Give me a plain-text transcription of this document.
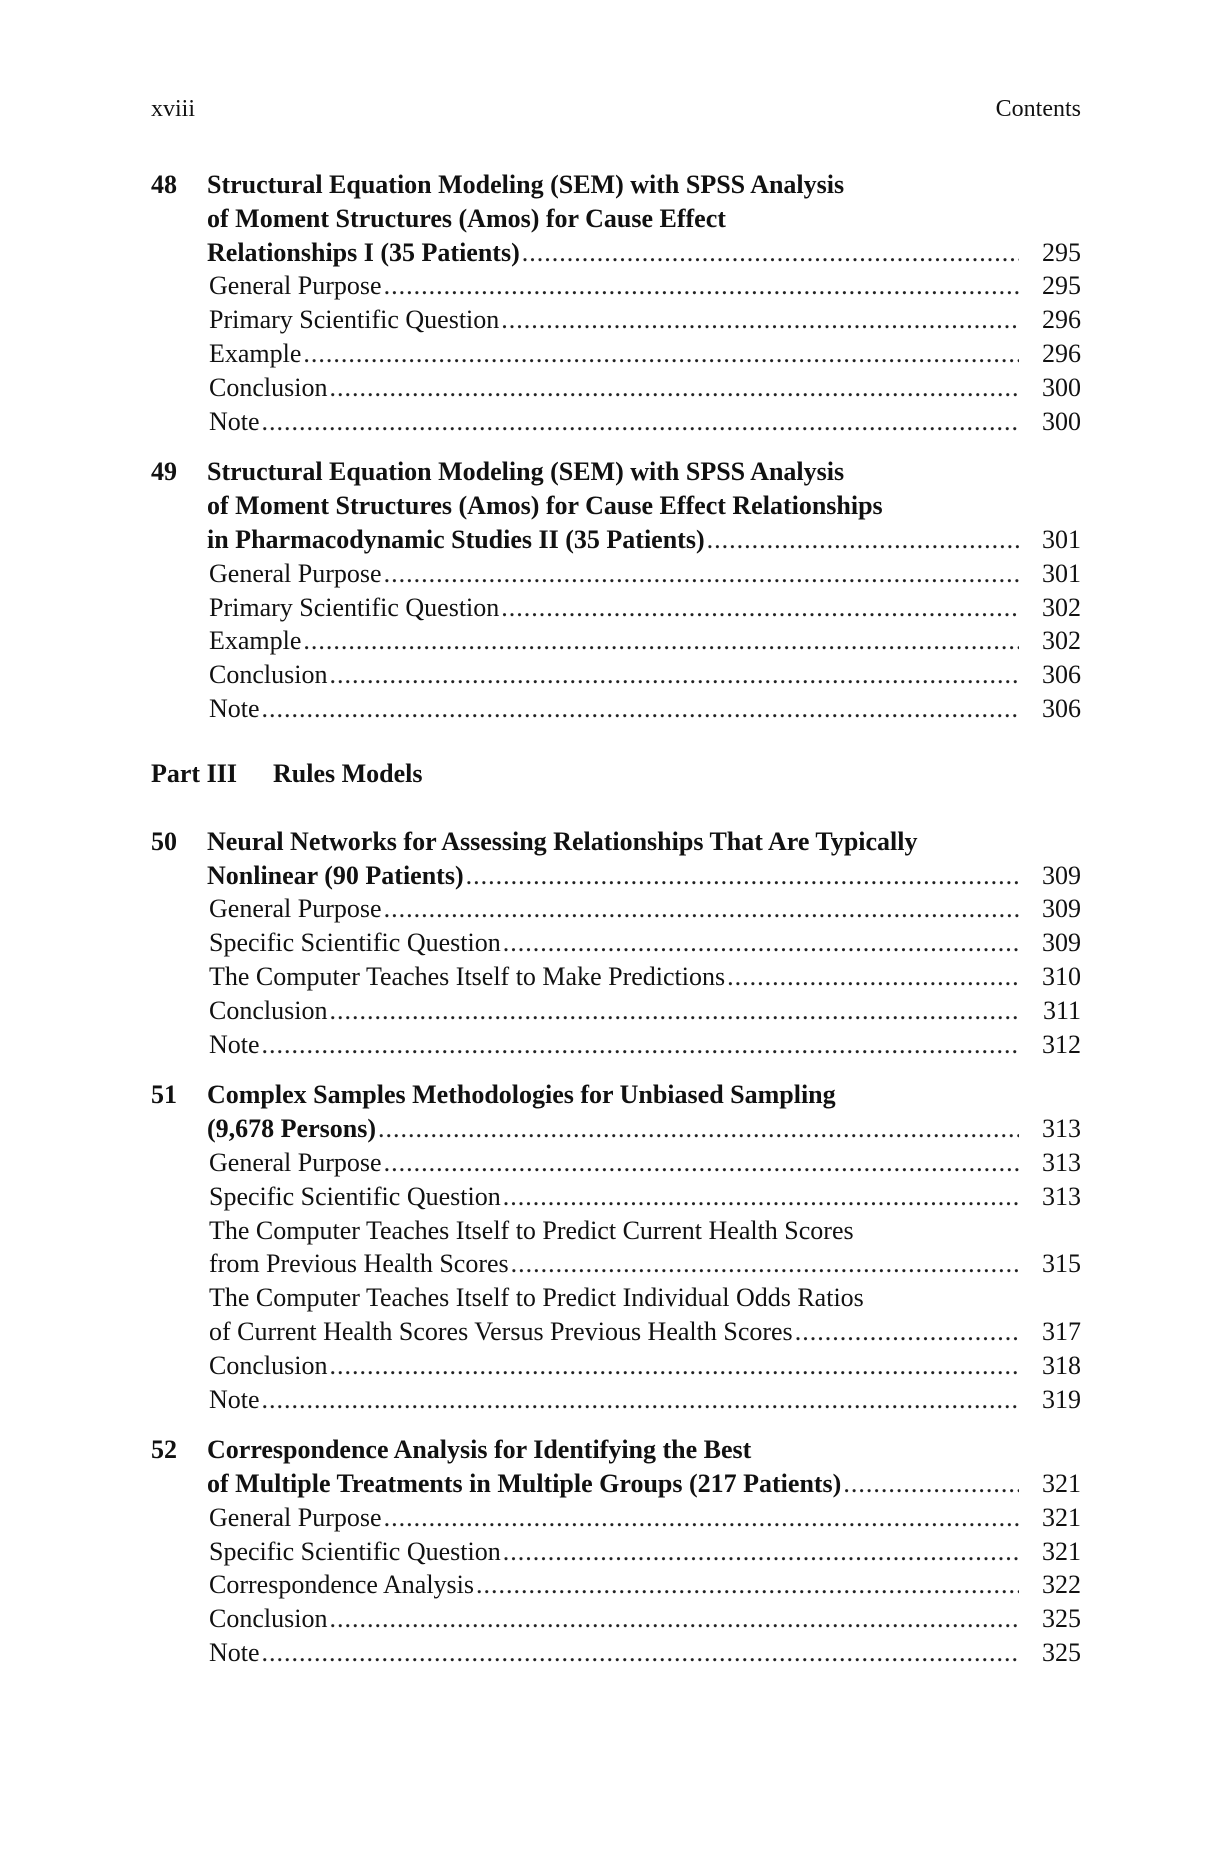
xviii	Contents
48	Structural Equation Modeling (SEM) with SPSS Analysis
of Moment Structures (Amos) for Cause Effect
Relationships I (35 Patients) .....	295
General Purpose .....	295
Primary Scientific Question .....	296
Example .....	296
Conclusion .....	300
Note .....	300
49	Structural Equation Modeling (SEM) with SPSS Analysis
of Moment Structures (Amos) for Cause Effect Relationships
in Pharmacodynamic Studies II (35 Patients) .....	301
General Purpose .....	301
Primary Scientific Question .....	302
Example .....	302
Conclusion .....	306
Note .....	306
Part III	Rules Models
50	Neural Networks for Assessing Relationships That Are Typically
Nonlinear (90 Patients) .....	309
General Purpose .....	309
Specific Scientific Question .....	309
The Computer Teaches Itself to Make Predictions .....	310
Conclusion .....	311
Note .....	312
51	Complex Samples Methodologies for Unbiased Sampling
(9,678 Persons) .....	313
General Purpose .....	313
Specific Scientific Question .....	313
The Computer Teaches Itself to Predict Current Health Scores
from Previous Health Scores .....	315
The Computer Teaches Itself to Predict Individual Odds Ratios
of Current Health Scores Versus Previous Health Scores .....	317
Conclusion .....	318
Note .....	319
52	Correspondence Analysis for Identifying the Best
of Multiple Treatments in Multiple Groups (217 Patients) .....	321
General Purpose .....	321
Specific Scientific Question .....	321
Correspondence Analysis .....	322
Conclusion .....	325
Note .....	325
